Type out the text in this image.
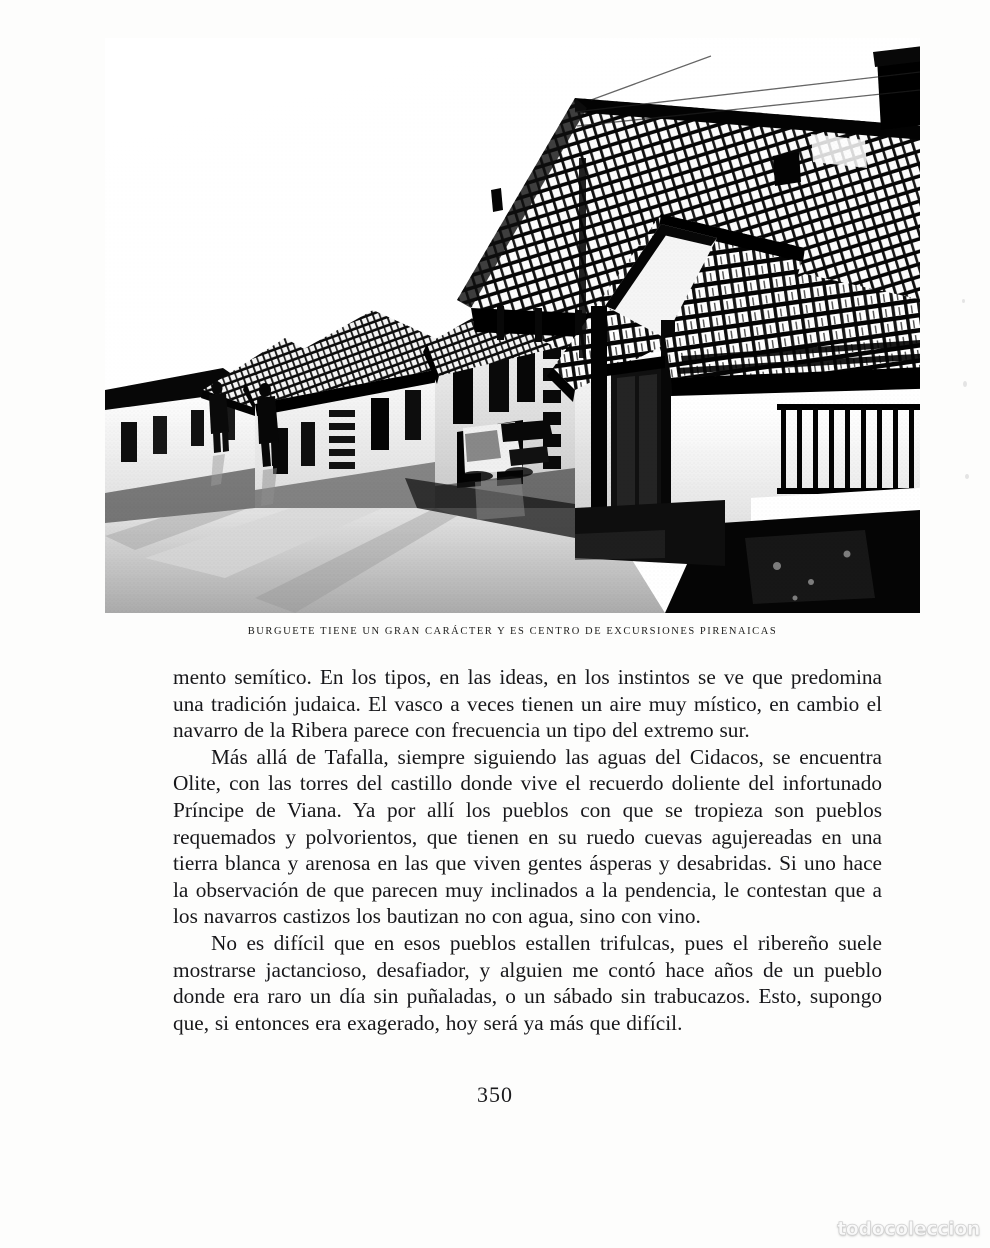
BURGUETE TIENE UN GRAN CARÁCTER Y ES CENTRO DE EXCURSIONES PIRENAICAS

mento semítico. En los tipos, en las ideas, en los instintos se ve que predomina una tradición judaica. El vasco a veces tienen un aire muy místico, en cambio el navarro de la Ribera parece con frecuencia un tipo del extremo sur.

Más allá de Tafalla, siempre siguiendo las aguas del Cidacos, se encuentra Olite, con las torres del castillo donde vive el recuerdo doliente del infortunado Príncipe de Viana. Ya por allí los pueblos con que se tropieza son pueblos requemados y polvorientos, que tienen en su ruedo cuevas agujereadas en una tierra blanca y arenosa en las que viven gentes ásperas y desabridas. Si uno hace la observación de que parecen muy inclinados a la pendencia, le contestan que a los navarros castizos los bautizan no con agua, sino con vino.

No es difícil que en esos pueblos estallen trifulcas, pues el ribereño suele mostrarse jactancioso, desafiador, y alguien me contó hace años de un pueblo donde era raro un día sin puñaladas, o un sábado sin trabucazos. Esto, supongo que, si entonces era exagerado, hoy será ya más que difícil.

350
todocoleccion
